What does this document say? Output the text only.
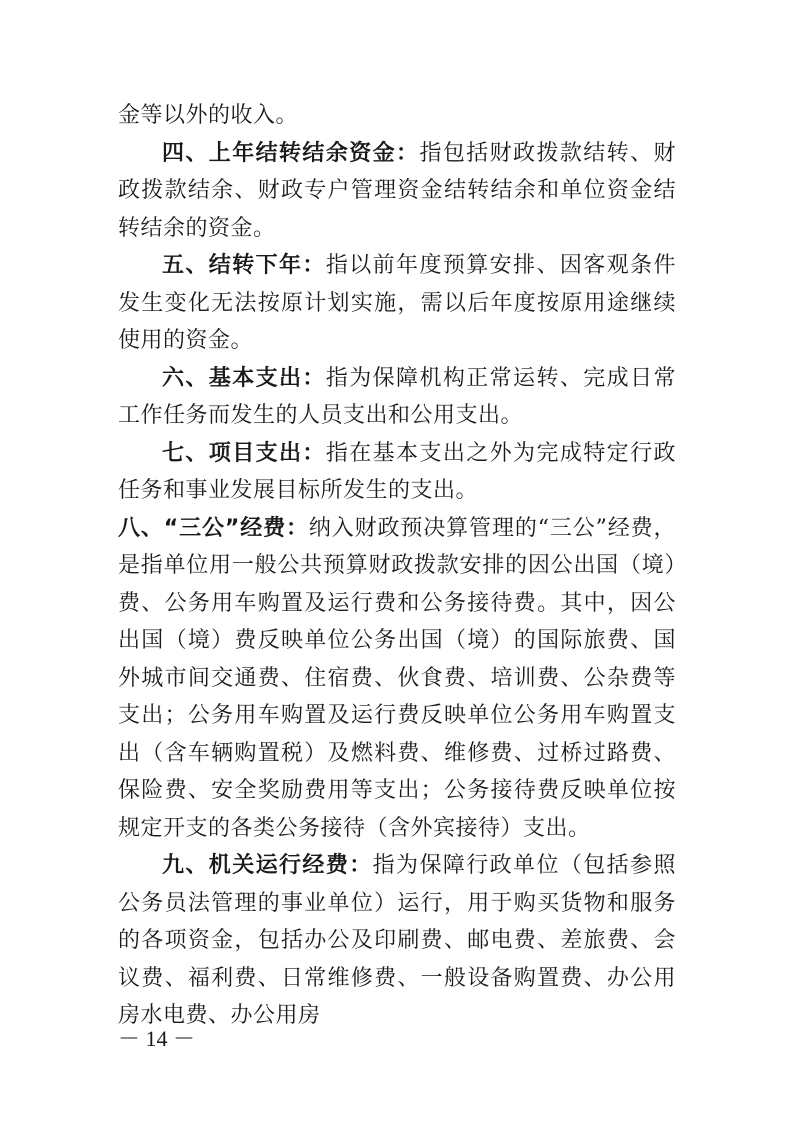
金等以外的收入。

四、上年结转结余资金：指包括财政拨款结转、财政拨款结余、财政专户管理资金结转结余和单位资金结转结余的资金。

五、结转下年：指以前年度预算安排、因客观条件发生变化无法按原计划实施，需以后年度按原用途继续使用的资金。

六、基本支出：指为保障机构正常运转、完成日常工作任务而发生的人员支出和公用支出。

七、项目支出：指在基本支出之外为完成特定行政任务和事业发展目标所发生的支出。

八、“三公”经费：纳入财政预决算管理的“三公”经费，是指单位用一般公共预算财政拨款安排的因公出国（境）费、公务用车购置及运行费和公务接待费。其中，因公出国（境）费反映单位公务出国（境）的国际旅费、国外城市间交通费、住宿费、伙食费、培训费、公杂费等支出；公务用车购置及运行费反映单位公务用车购置支出（含车辆购置税）及燃料费、维修费、过桥过路费、保险费、安全奖励费用等支出；公务接待费反映单位按规定开支的各类公务接待（含外宾接待）支出。

九、机关运行经费：指为保障行政单位（包括参照公务员法管理的事业单位）运行，用于购买货物和服务的各项资金，包括办公及印刷费、邮电费、差旅费、会议费、福利费、日常维修费、一般设备购置费、办公用房水电费、办公用房

－ 14 －
